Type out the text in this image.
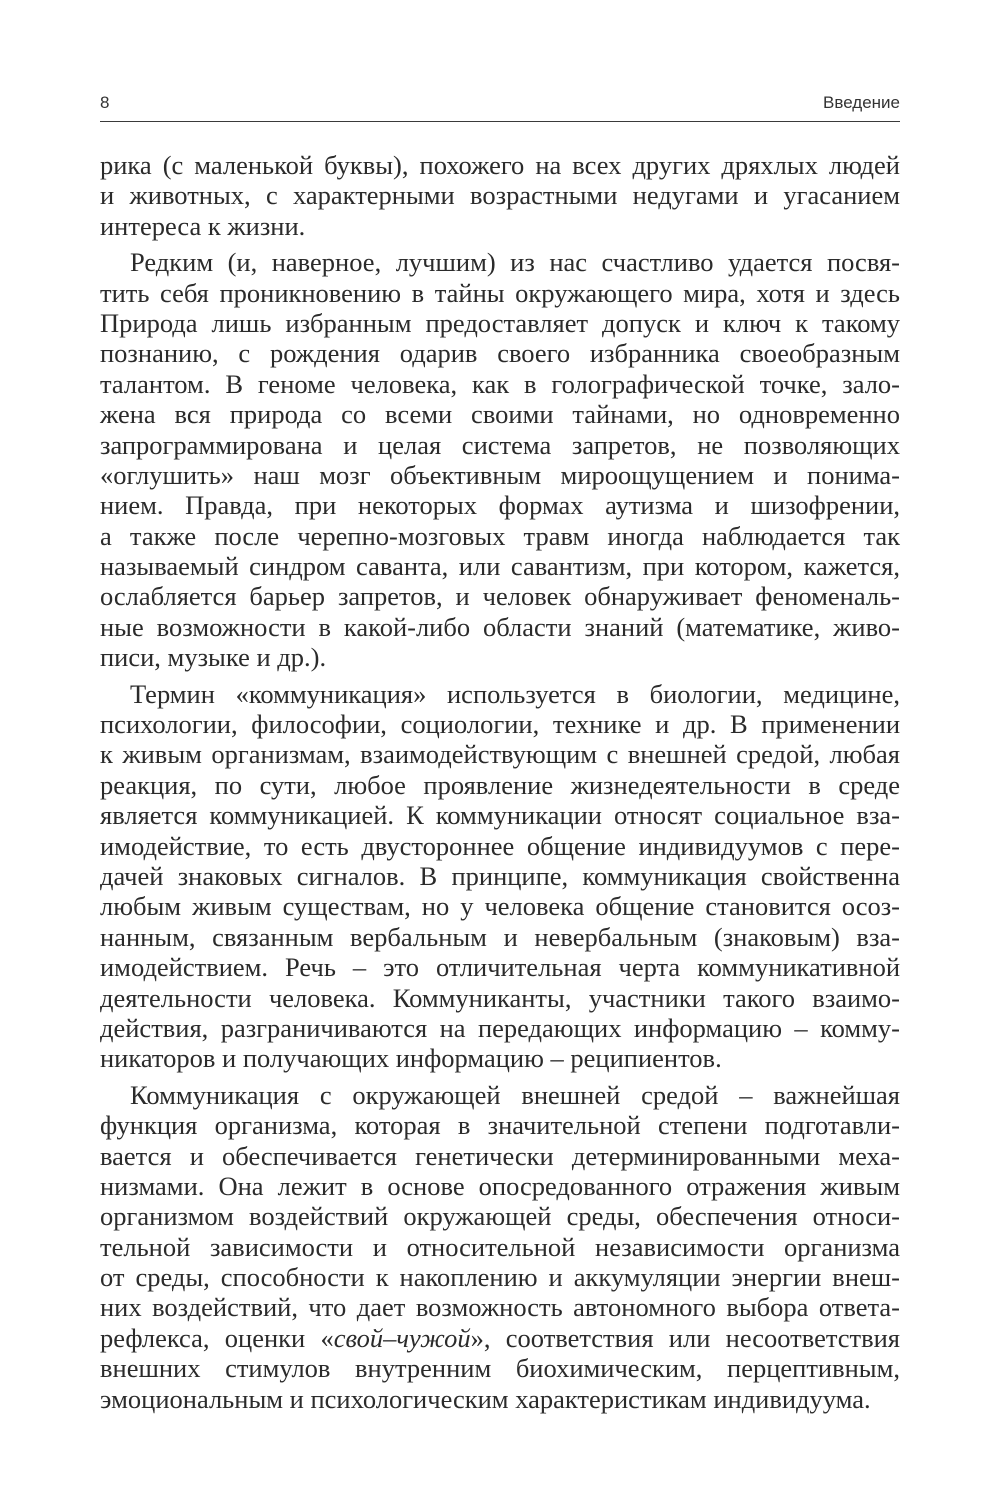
8	Введение
рика (с маленькой буквы), похожего на всех других дряхлых людей
и животных, с характерными возрастными недугами и угасанием
интереса к жизни.
Редким (и, наверное, лучшим) из нас счастливо удается посвя-
тить себя проникновению в тайны окружающего мира, хотя и здесь
Природа лишь избранным предоставляет допуск и ключ к такому
познанию, с рождения одарив своего избранника своеобразным
талантом. В геноме человека, как в голографической точке, зало-
жена вся природа со всеми своими тайнами, но одновременно
запрограммирована и целая система запретов, не позволяющих
«оглушить» наш мозг объективным мироощущением и понима-
нием. Правда, при некоторых формах аутизма и шизофрении,
а также после черепно-мозговых травм иногда наблюдается так
называемый синдром саванта, или савантизм, при котором, кажется,
ослабляется барьер запретов, и человек обнаруживает феноменаль-
ные возможности в какой-либо области знаний (математике, живо-
писи, музыке и др.).
Термин «коммуникация» используется в биологии, медицине,
психологии, философии, социологии, технике и др. В применении
к живым организмам, взаимодействующим с внешней средой, любая
реакция, по сути, любое проявление жизнедеятельности в среде
является коммуникацией. К коммуникации относят социальное вза-
имодействие, то есть двустороннее общение индивидуумов с пере-
дачей знаковых сигналов. В принципе, коммуникация свойственна
любым живым существам, но у человека общение становится осоз-
нанным, связанным вербальным и невербальным (знаковым) вза-
имодействием. Речь – это отличительная черта коммуникативной
деятельности человека. Коммуниканты, участники такого взаимо-
действия, разграничиваются на передающих информацию – комму-
никаторов и получающих информацию – реципиентов.
Коммуникация с окружающей внешней средой – важнейшая
функция организма, которая в значительной степени подготавли-
вается и обеспечивается генетически детерминированными меха-
низмами. Она лежит в основе опосредованного отражения живым
организмом воздействий окружающей среды, обеспечения относи-
тельной зависимости и относительной независимости организма
от среды, способности к накоплению и аккумуляции энергии внеш-
них воздействий, что дает возможность автономного выбора ответа-
рефлекса, оценки «свой–чужой», соответствия или несоответствия
внешних стимулов внутренним биохимическим, перцептивным,
эмоциональным и психологическим характеристикам индивидуума.
